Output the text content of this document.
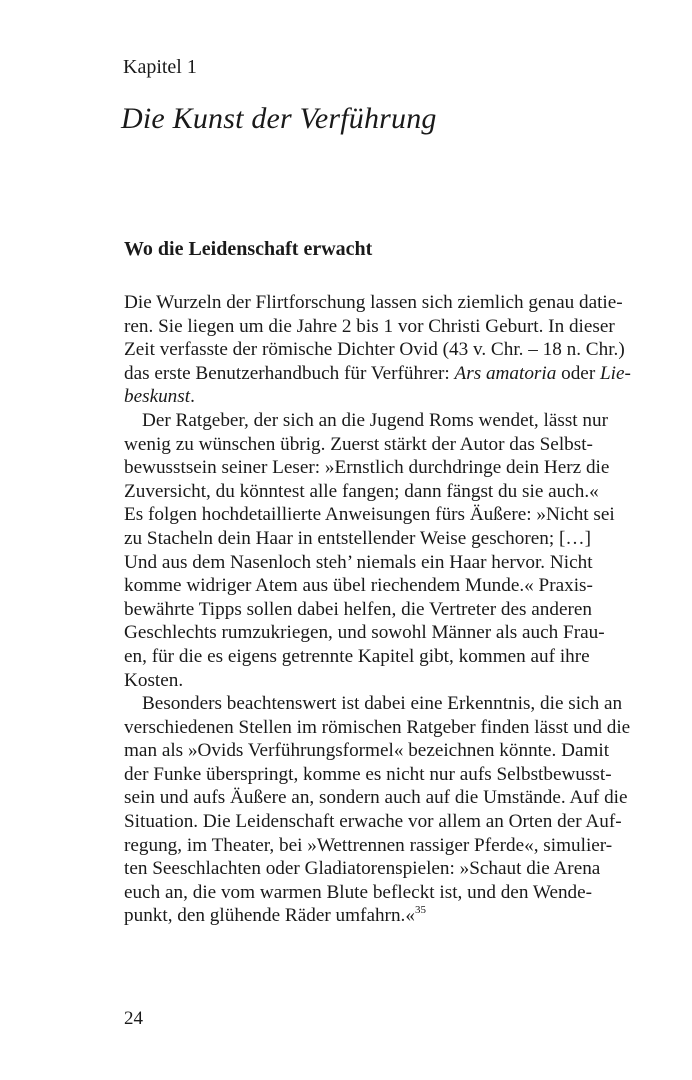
Kapitel 1
Die Kunst der Verführung
Wo die Leidenschaft erwacht

Die Wurzeln der Flirtforschung lassen sich ziemlich genau datie-
ren. Sie liegen um die Jahre 2 bis 1 vor Christi Geburt. In dieser
Zeit verfasste der römische Dichter Ovid (43 v. Chr. – 18 n. Chr.)
das erste Benutzerhandbuch für Verführer: Ars amatoria oder Lie-
beskunst.

Der Ratgeber, der sich an die Jugend Roms wendet, lässt nur
wenig zu wünschen übrig. Zuerst stärkt der Autor das Selbst-
bewusstsein seiner Leser: »Ernstlich durchdringe dein Herz die
Zuversicht, du könntest alle fangen; dann fängst du sie auch.«
Es folgen hochdetaillierte Anweisungen fürs Äußere: »Nicht sei
zu Stacheln dein Haar in entstellender Weise geschoren; […]
Und aus dem Nasenloch steh’ niemals ein Haar hervor. Nicht
komme widriger Atem aus übel riechendem Munde.« Praxis-
bewährte Tipps sollen dabei helfen, die Vertreter des anderen
Geschlechts rumzukriegen, und sowohl Männer als auch Frau-
en, für die es eigens getrennte Kapitel gibt, kommen auf ihre
Kosten.

Besonders beachtenswert ist dabei eine Erkenntnis, die sich an
verschiedenen Stellen im römischen Ratgeber finden lässt und die
man als »Ovids Verführungsformel« bezeichnen könnte. Damit
der Funke überspringt, komme es nicht nur aufs Selbstbewusst-
sein und aufs Äußere an, sondern auch auf die Umstände. Auf die
Situation. Die Leidenschaft erwache vor allem an Orten der Auf-
regung, im Theater, bei »Wettrennen rassiger Pferde«, simulier-
ten Seeschlachten oder Gladiatorenspielen: »Schaut die Arena
euch an, die vom warmen Blute befleckt ist, und den Wende-
punkt, den glühende Räder umfahrn.«$^{35}$

24
